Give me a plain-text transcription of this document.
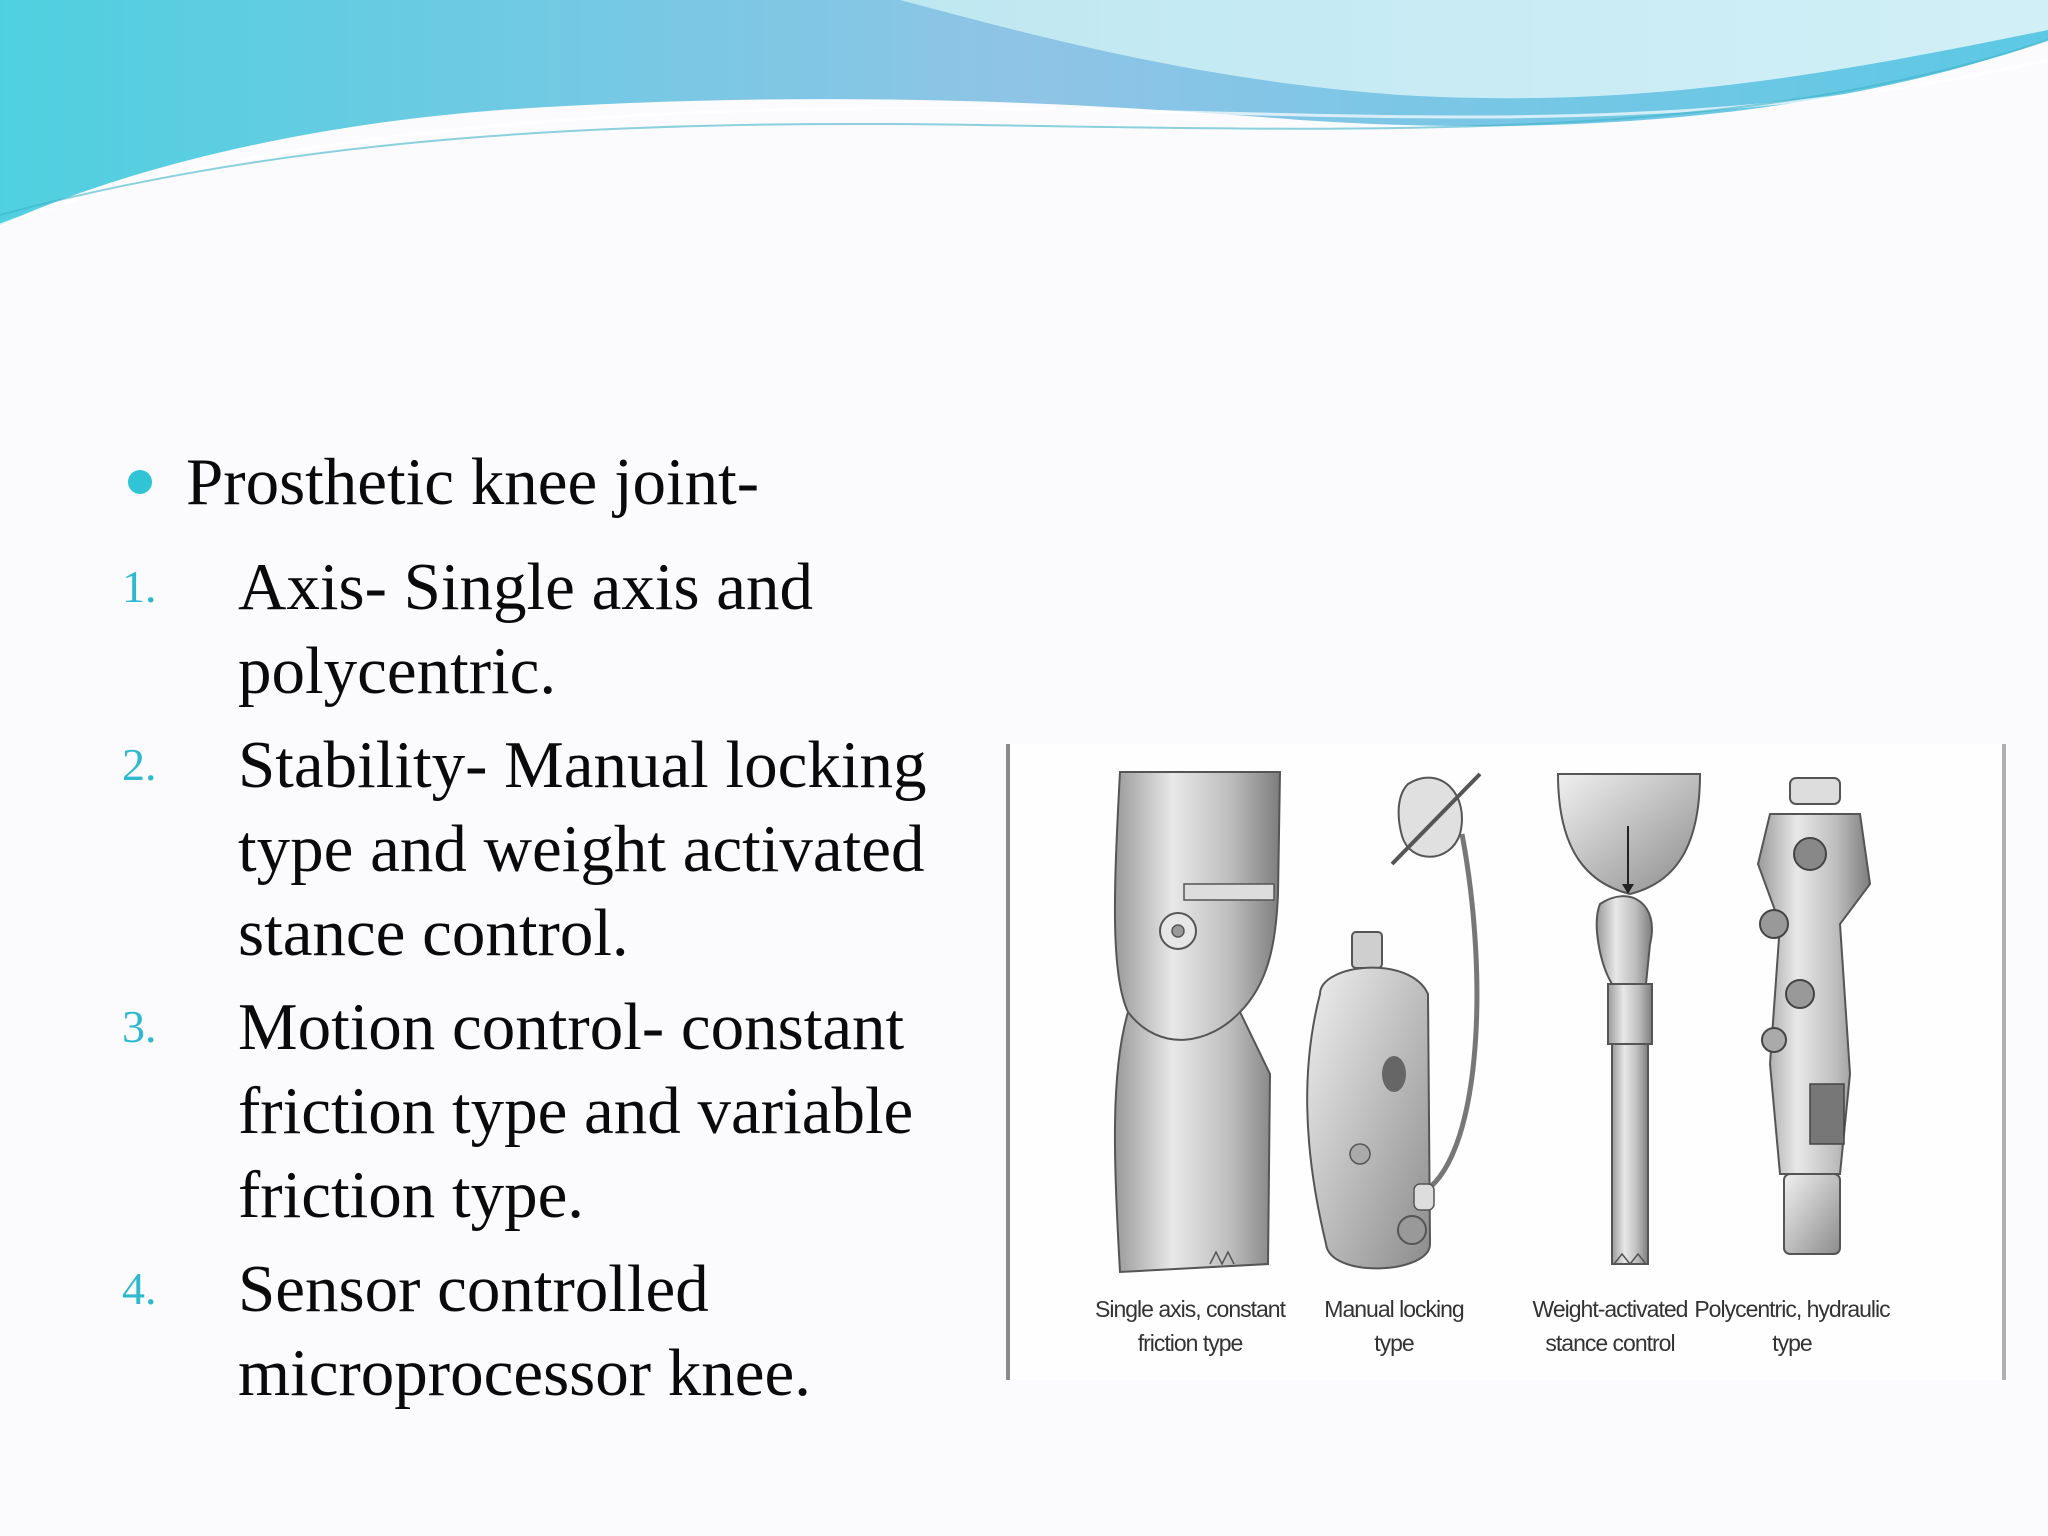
Prosthetic knee joint-
1. Axis- Single axis and
polycentric.
2. Stability- Manual locking
type and weight activated
stance control.
3. Motion control- constant
friction type and variable
friction type.
4. Sensor controlled
microprocessor knee.
Single axis, constant
friction type
Manual locking
type
Weight-activated
stance control
Polycentric, hydraulic
type
